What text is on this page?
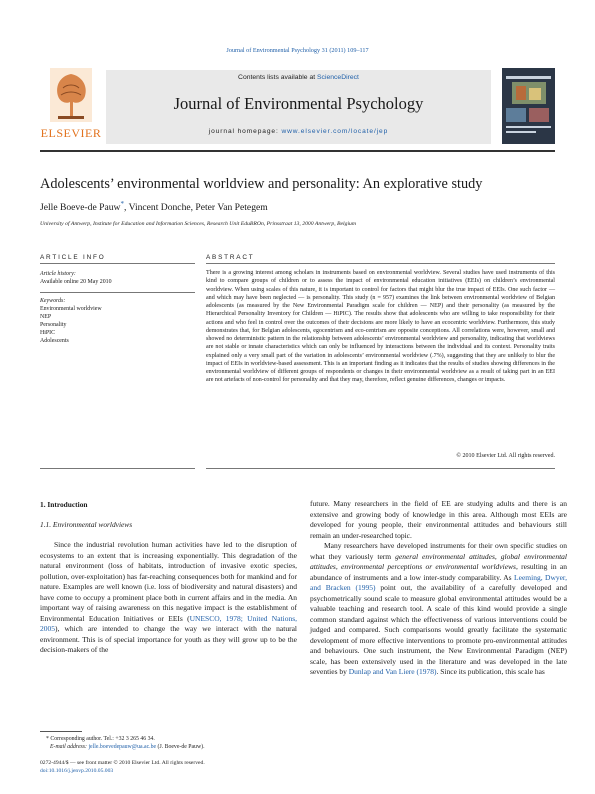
Journal of Environmental Psychology 31 (2011) 109–117
ELSEVIER
Contents lists available at ScienceDirect
Journal of Environmental Psychology
journal homepage: www.elsevier.com/locate/jep
Adolescents’ environmental worldview and personality: An explorative study
Jelle Boeve-de Pauw*, Vincent Donche, Peter Van Petegem
University of Antwerp, Institute for Education and Information Sciences, Research Unit EduBROn, Prinsstraat 13, 2000 Antwerp, Belgium
ARTICLE INFO	ABSTRACT
Article history:
Available online 20 May 2010
Keywords:
Environmental worldview
NEP
Personality
HiPIC
Adolescents
There is a growing interest among scholars in instruments based on environmental worldview. Several studies have used instruments of this kind to compare groups of children or to assess the impact of environmental education initiatives (EEIs) on children’s environmental worldview. When using scales of this nature, it is important to control for factors that might blur the true impact of EEIs. One such factor — and which may have been neglected — is personality. This study (n = 957) examines the link between environmental worldview of Belgian adolescents (as measured by the New Environmental Paradigm scale for children — NEP) and their personality (as measured by the Hierarchical Personality Inventory for Children — HiPIC). The results show that adolescents who are willing to take responsibility for their actions and who feel in control over the outcomes of their decisions are more likely to have an ecocentric worldview. Furthermore, this study demonstrates that, for Belgian adolescents, egocentrism and eco-centrism are opposite conceptions. All correlations were, however, small and showed no deterministic pattern in the relationship between adolescents’ environmental worldview and personality, indicating that worldviews are not stable or innate characteristics which can only be influenced by interactions between the individual and its context. Personality traits explained only a very small part of the variation in adolescents’ environmental worldview (.7%), suggesting that they are unlikely to blur the impact of EEIs in worldview-based assessment. This is an important finding as it indicates that the results of studies showing differences in the environmental worldview of different groups of respondents or changes in their environmental worldview as a result of taking part in an EEI are not artefacts of non-control for personality and that they may, therefore, reflect genuine differences, changes or impacts.
© 2010 Elsevier Ltd. All rights reserved.
1. Introduction
1.1. Environmental worldviews

Since the industrial revolution human activities have led to the disruption of ecosystems to an extent that is increasing exponentially. This degradation of the natural environment (loss of habitats, introduction of invasive exotic species, pollution, over-exploitation) has far-reaching consequences both for mankind and for nature. Examples are well known (i.e. loss of biodiversity and natural disasters) and have come to occupy a prominent place both in current affairs and in the media. An important way of raising awareness on this negative impact is the establishment of Environmental Education Initiatives or EEIs (UNESCO, 1978; United Nations, 2005), which are intended to change the way we interact with the natural environment. This is of special importance for youth as they will grow up to be the decision-makers of the

future. Many researchers in the field of EE are studying adults and there is an extensive and growing body of knowledge in this area. Although most EEIs are developed for young people, their environmental attitudes and behaviours still remain an under-researched topic.

Many researchers have developed instruments for their own specific studies on what they variously term general environmental attitudes, global environmental attitudes, environmental perceptions or environmental worldviews, resulting in an abundance of instruments and a low inter-study comparability. As Leeming, Dwyer, and Bracken (1995) point out, the availability of a carefully developed and psychometrically sound scale to measure global environmental attitudes would be a valuable teaching and research tool. A scale of this kind would provide a single common standard against which the effectiveness of various interventions could be judged and compared. Such comparisons would greatly facilitate the systematic development of more effective interventions to promote pro-environmental attitudes and behaviours. One such instrument, the New Environmental Paradigm (NEP) scale, has been extensively used in the literature and was developed in the late seventies by Dunlap and Van Liere (1978). Since its publication, this scale has

* Corresponding author. Tel.: +32 3 265 46 34.
E-mail address: jelle.boevedepauw@ua.ac.be (J. Boeve-de Pauw).
0272-4944/$ — see front matter © 2010 Elsevier Ltd. All rights reserved.
doi:10.1016/j.jenvp.2010.05.003
